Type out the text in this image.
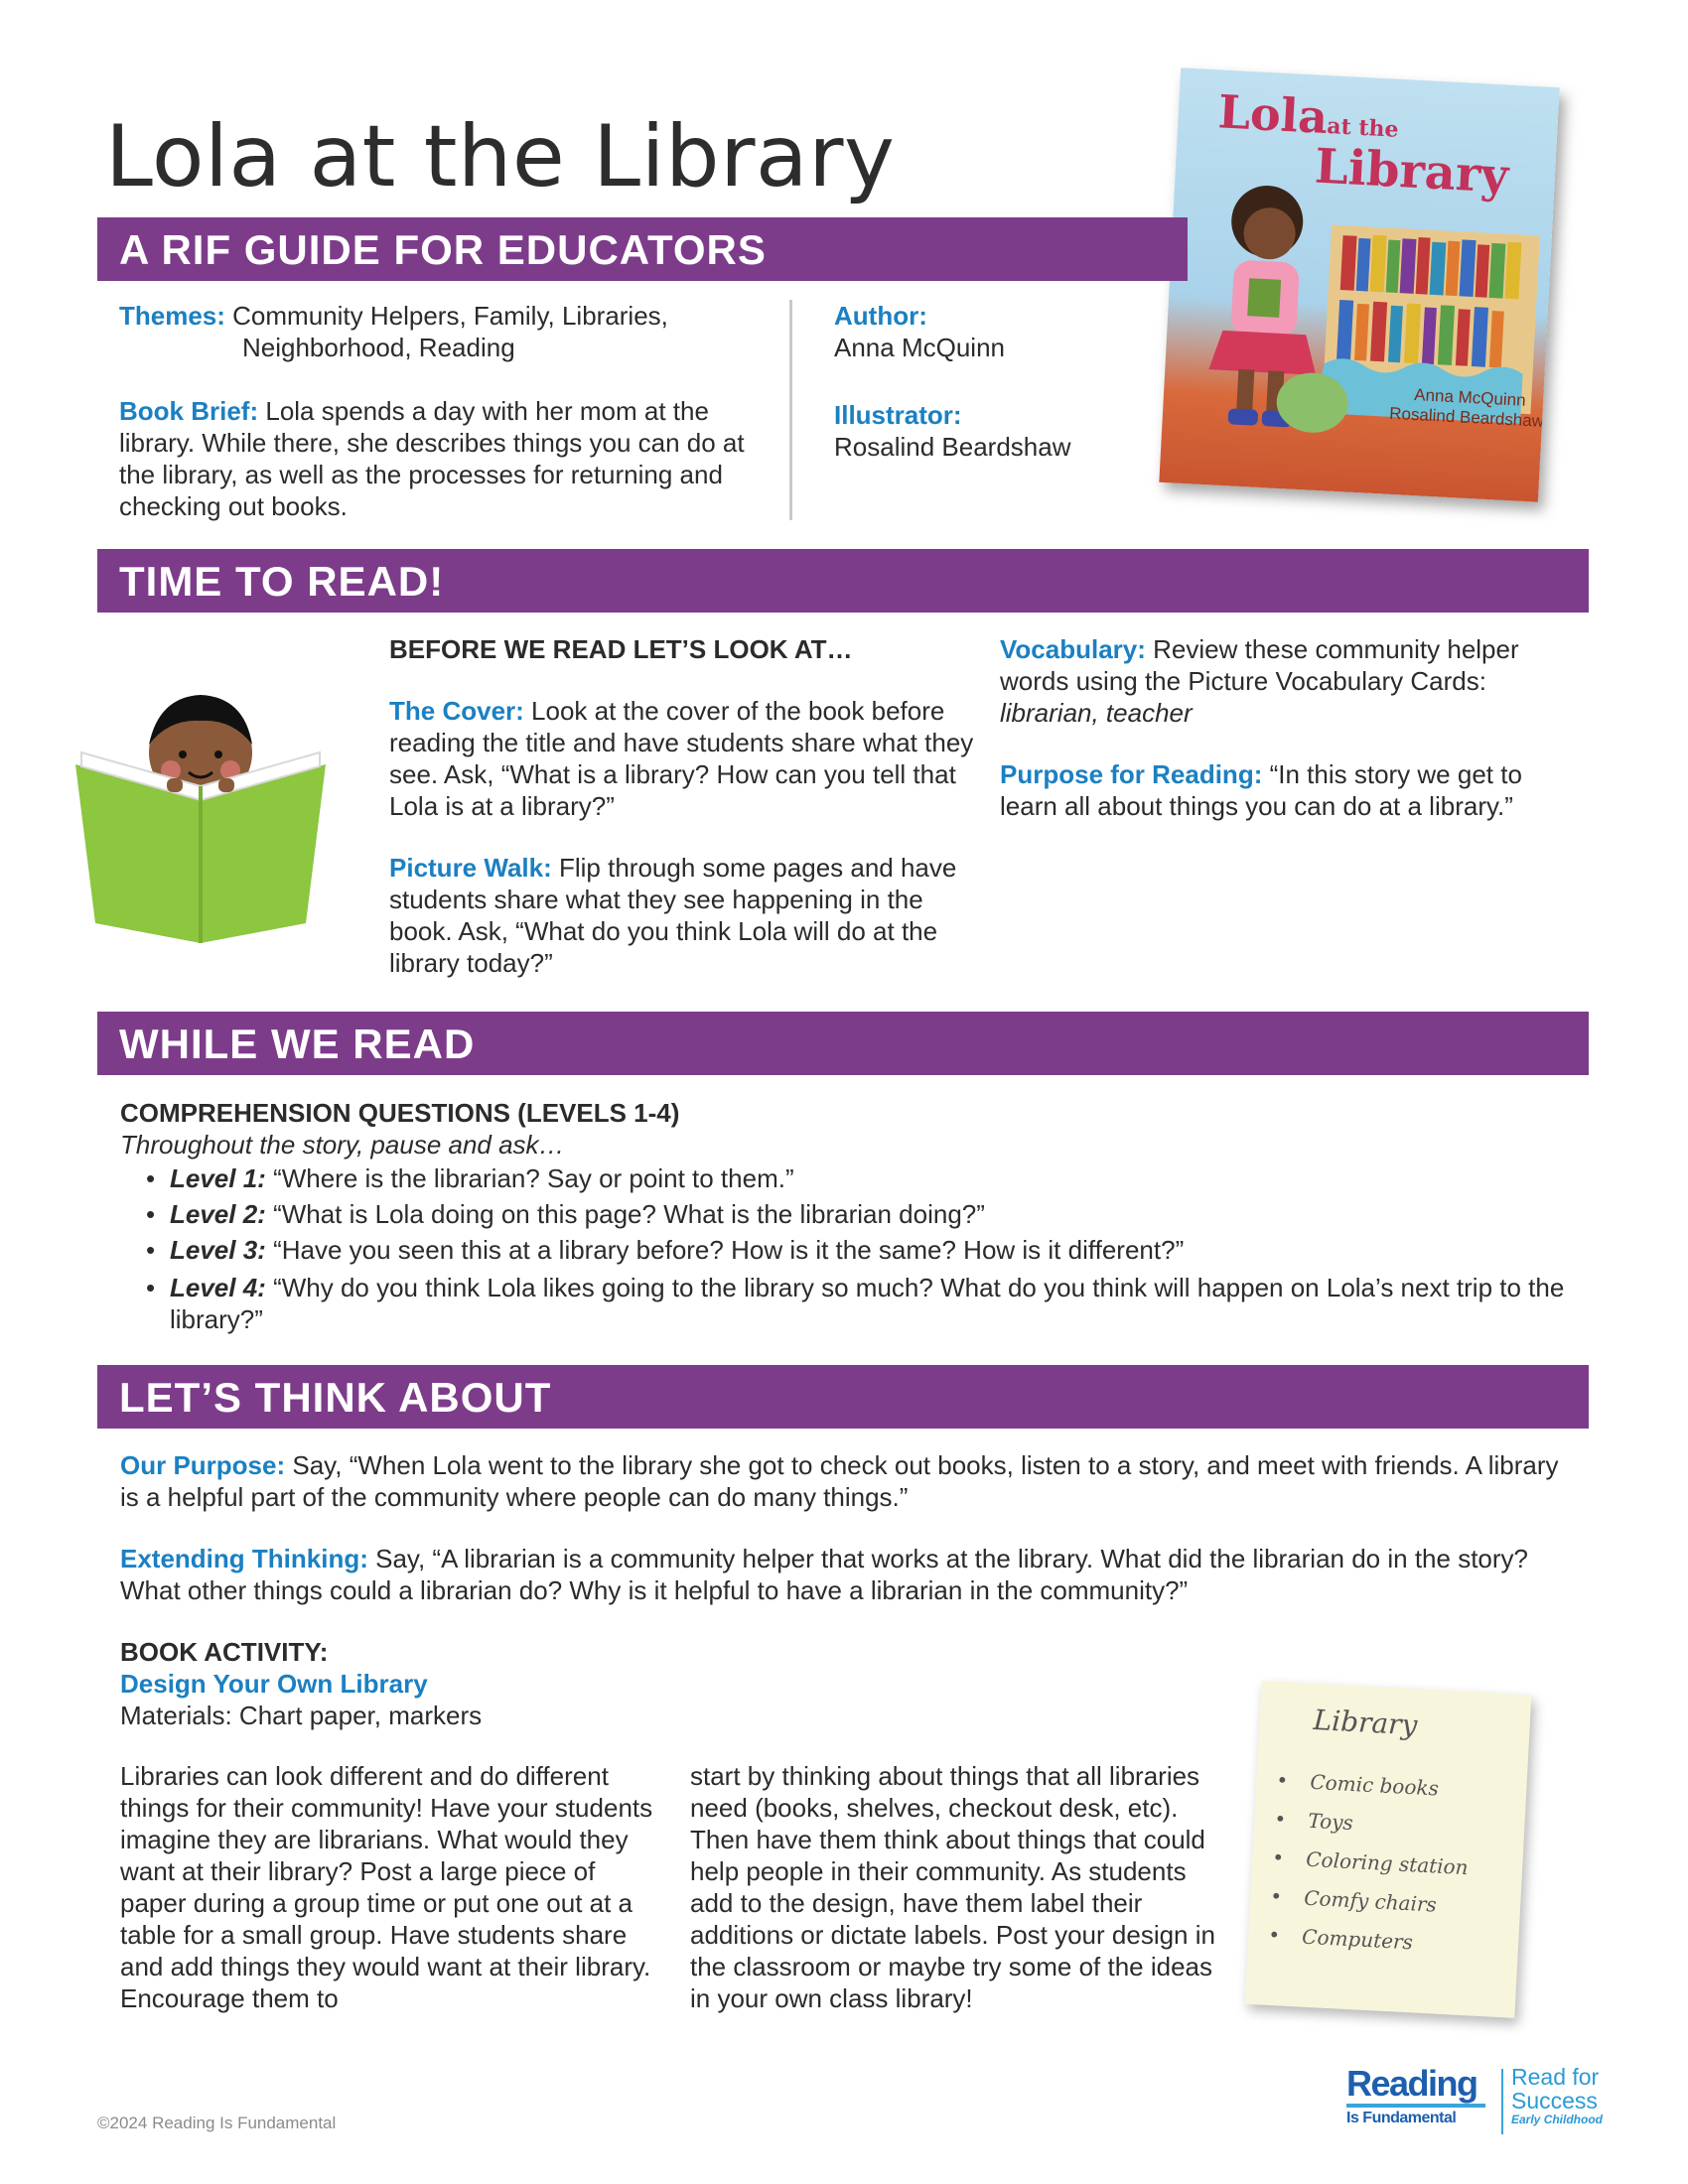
Lola at the Library	Lola
at the
Library
Anna McQuinn
Rosalind Beardshaw
A RIF GUIDE FOR EDUCATORS
Themes: Community Helpers, Family, Libraries,
Neighborhood, Reading
Book Brief: Lola spends a day with her mom at the library. While there, she describes things you can do at the library, as well as the processes for returning and checking out books.
Author:
Anna McQuinn
Illustrator:
Rosalind Beardshaw
TIME TO READ!

BEFORE WE READ LET’S LOOK AT…

The Cover: Look at the cover of the book before reading the title and have students share what they see. Ask, “What is a library? How can you tell that Lola is at a library?”

Picture Walk: Flip through some pages and have students share what they see happening in the book. Ask, “What do you think Lola will do at the library today?”

Vocabulary: Review these community helper words using the Picture Vocabulary Cards: librarian, teacher

Purpose for Reading: “In this story we get to learn all about things you can do at a library.”

WHILE WE READ
COMPREHENSION QUESTIONS (LEVELS 1-4)
Throughout the story, pause and ask…
• Level 1: “Where is the librarian? Say or point to them.”
• Level 2: “What is Lola doing on this page? What is the librarian doing?”
• Level 3: “Have you seen this at a library before? How is it the same? How is it different?”
• Level 4: “Why do you think Lola likes going to the library so much? What do you think will happen on Lola’s next trip to the library?”
LET’S THINK ABOUT

Our Purpose: Say, “When Lola went to the library she got to check out books, listen to a story, and meet with friends. A library is a helpful part of the community where people can do many things.”

Extending Thinking: Say, “A librarian is a community helper that works at the library. What did the librarian do in the story? What other things could a librarian do? Why is it helpful to have a librarian in the community?”

BOOK ACTIVITY:
Design Your Own Library
Materials: Chart paper, markers

Libraries can look different and do different things for their community! Have your students imagine they are librarians. What would they want at their library? Post a large piece of paper during a group time or put one out at a table for a small group. Have students share and add things they would want at their library. Encourage them to
start by thinking about things that all libraries need (books, shelves, checkout desk, etc). Then have them think about things that could help people in their community. As students add to the design, have them label their additions or dictate labels. Post your design in the classroom or maybe try some of the ideas in your own class library!
Library
• Comic books
• Toys
• Coloring station
• Comfy chairs
• Computers
©2024 Reading Is Fundamental
Reading
Is Fundamental
Read for
Success
Early Childhood
